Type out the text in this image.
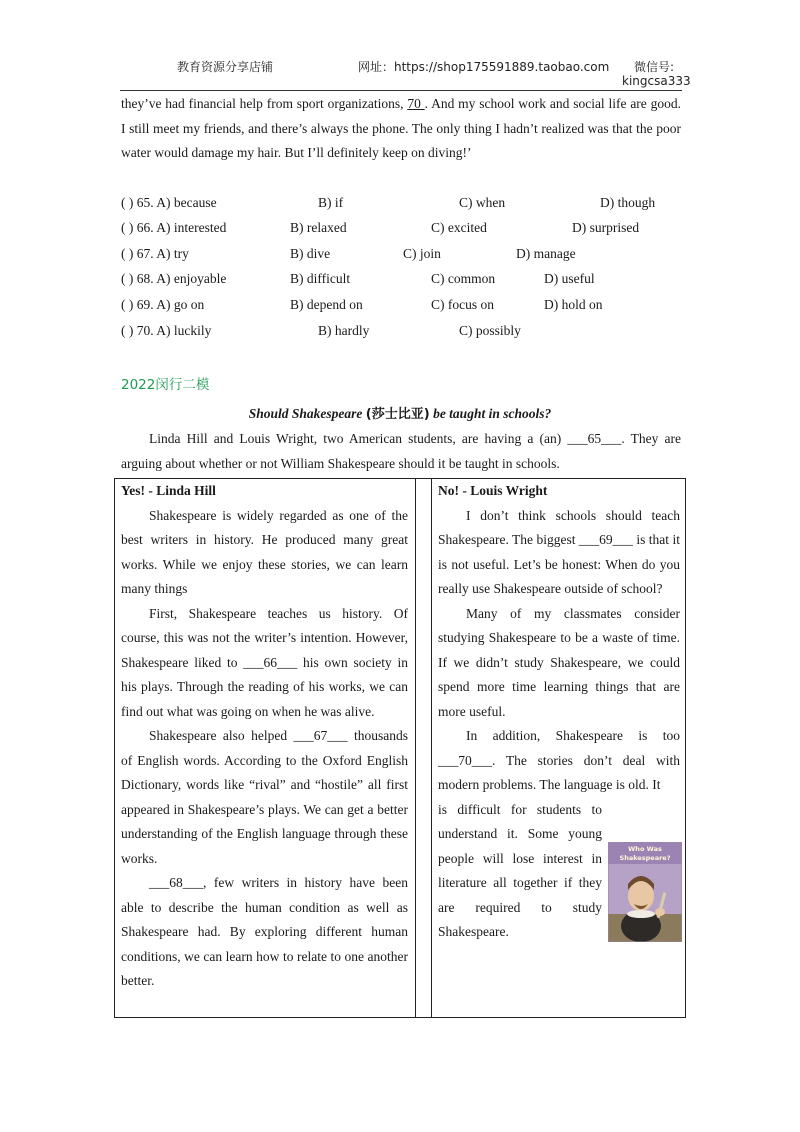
教育资源分享店铺	网址：https://shop175591889.taobao.com 微信号:
kingcsa333
they’ve had financial help from sport organizations, 70 . And my school work and social life are good. I still meet my friends, and there’s always the phone. The only thing I hadn’t realized was that the poor water would damage my hair. But I’ll definitely keep on diving!’
( ) 65. A) because	B) if	C) when	D) though
( ) 66. A) interested	B) relaxed	C) excited	D) surprised
( ) 67. A) try	B) dive	C) join	D) manage
( ) 68. A) enjoyable	B) difficult	C) common	D) useful
( ) 69. A) go on	B) depend on	C) focus on	D) hold on
( ) 70. A) luckily	B) hardly	C) possibly
2022闵行二模
Should Shakespeare (莎士比亚) be taught in schools?
Linda Hill and Louis Wright, two American students, are having a (an) ___65___. They are arguing about whether or not William Shakespeare should it be taught in schools.
Yes! - Linda Hill

Shakespeare is widely regarded as one of the best writers in history. He produced many great works. While we enjoy these stories, we can learn many things

First, Shakespeare teaches us history. Of course, this was not the writer’s intention. However, Shakespeare liked to ___66___ his own society in his plays. Through the reading of his works, we can find out what was going on when he was alive.

Shakespeare also helped ___67___ thousands of English words. According to the Oxford English Dictionary, words like “rival” and “hostile” all first appeared in Shakespeare’s plays. We can get a better understanding of the English language through these works.

___68___, few writers in history have been able to describe the human condition as well as Shakespeare had. By exploring different human conditions, we can learn how to relate to one another better.

No! - Louis Wright

I don’t think schools should teach Shakespeare. The biggest ___69___ is that it is not useful. Let’s be honest: When do you really use Shakespeare outside of school?

Many of my classmates consider studying Shakespeare to be a waste of time. If we didn’t study Shakespeare, we could spend more time learning things that are more useful.

In addition, Shakespeare is too ___70___. The stories don’t deal with modern problems. The language is old. It

is difficult for students to understand it. Some young people will lose interest in literature all together if they are required to study Shakespeare.

Who Was
Shakespeare?
